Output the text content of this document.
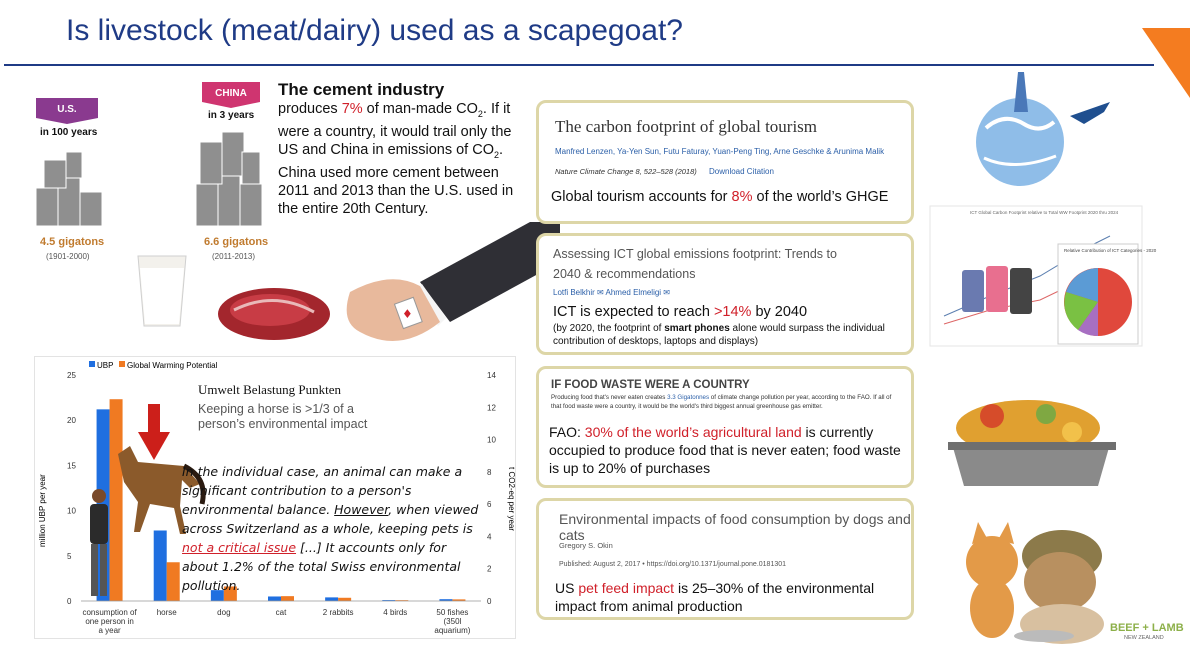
Is livestock (meat/dairy) used as a scapegoat?
U.S.
in 100 years
4.5 gigatons
(1901-2000)
CHINA
in 3 years
6.6 gigatons
(2011-2013)
The cement industry
produces 7% of man-made $CO_2$. If it were a country, it would trail only the US and China in emissions of $CO_2$. China used more cement between 2011 and 2013 than the U.S. used in the entire 20th Century.
♦
UBP Global Warming Potential
million UBP per year	t CO2-eq per year
0
5
10
15
20
25
0
2
4
6
8
10
12
14
consumption of one person in a year
horse	dog	cat	2 rabbits	4 birds	50 fishes (350l aquarium)
Umwelt Belastung Punkten
Keeping a horse is >1/3 of a person’s environmental impact
In the individual case, an animal can make a significant contribution to a person's environmental balance. However, when viewed across Switzerland as a whole, keeping pets is not a critical issue [...] It accounts only for about 1.2% of the total Swiss environmental pollution.
The carbon footprint of global tourism
Manfred Lenzen, Ya-Yen Sun, Futu Faturay, Yuan-Peng Ting, Arne Geschke & Arunima Malik
Nature Climate Change 8, 522–528 (2018) Download Citation
Global tourism accounts for 8% of the world’s GHGE
Assessing ICT global emissions footprint: Trends to 2040 & recommendations
Lotfi Belkhir ✉ Ahmed Elmeligi ✉
ICT is expected to reach >14% by 2040
(by 2020, the footprint of smart phones alone would surpass the individual contribution of desktops, laptops and displays)
IF FOOD WASTE WERE A COUNTRY
Producing food that's never eaten creates 3.3 Gigatonnes of climate change pollution per year, according to the FAO. If all of that food waste were a country, it would be the world's third biggest annual greenhouse gas emitter.
FAO: 30% of the world’s agricultural land is currently occupied to produce food that is never eaten; food waste is up to 20% of purchases
Environmental impacts of food consumption by dogs and cats
Gregory S. Okin
Published: August 2, 2017 • https://doi.org/10.1371/journal.pone.0181301
US pet feed impact is 25–30% of the environmental impact from animal production
ICT Global Carbon Footprint relative to Total WW Footprint 2020 thru 2024
Relative Contribution of ICT Categories - 2020
BEEF + LAMB
NEW ZEALAND
